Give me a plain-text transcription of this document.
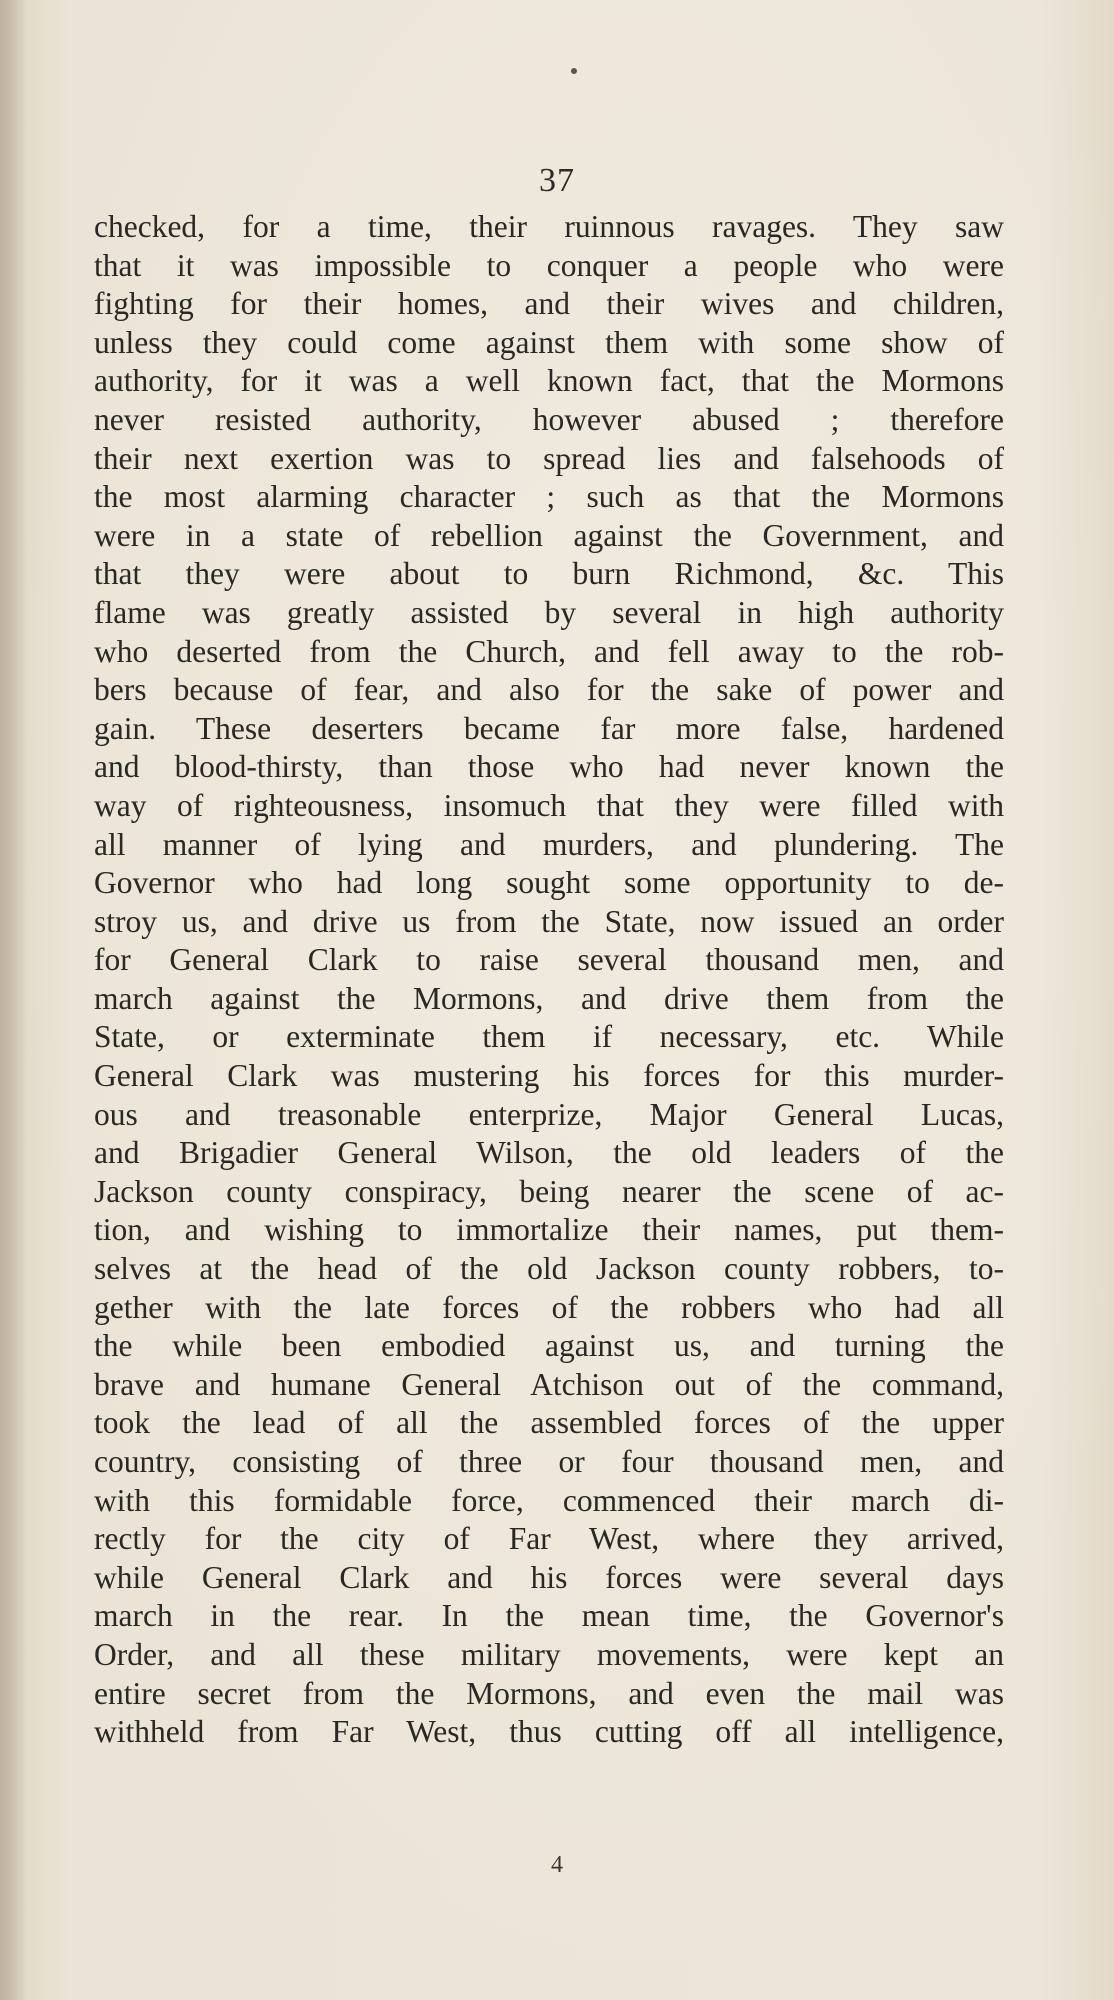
37
checked, for a time, their ruinnous ravages. They saw
that it was impossible to conquer a people who were
fighting for their homes, and their wives and children,
unless they could come against them with some show of
authority, for it was a well known fact, that the Mormons
never resisted authority, however abused ; therefore
their next exertion was to spread lies and falsehoods of
the most alarming character ; such as that the Mormons
were in a state of rebellion against the Government, and
that they were about to burn Richmond, &c. This
flame was greatly assisted by several in high authority
who deserted from the Church, and fell away to the rob-
bers because of fear, and also for the sake of power and
gain. These deserters became far more false, hardened
and blood-thirsty, than those who had never known the
way of righteousness, insomuch that they were filled with
all manner of lying and murders, and plundering. The
Governor who had long sought some opportunity to de-
stroy us, and drive us from the State, now issued an order
for General Clark to raise several thousand men, and
march against the Mormons, and drive them from the
State, or exterminate them if necessary, etc. While
General Clark was mustering his forces for this murder-
ous and treasonable enterprize, Major General Lucas,
and Brigadier General Wilson, the old leaders of the
Jackson county conspiracy, being nearer the scene of ac-
tion, and wishing to immortalize their names, put them-
selves at the head of the old Jackson county robbers, to-
gether with the late forces of the robbers who had all
the while been embodied against us, and turning the
brave and humane General Atchison out of the command,
took the lead of all the assembled forces of the upper
country, consisting of three or four thousand men, and
with this formidable force, commenced their march di-
rectly for the city of Far West, where they arrived,
while General Clark and his forces were several days
march in the rear. In the mean time, the Governor's
Order, and all these military movements, were kept an
entire secret from the Mormons, and even the mail was
withheld from Far West, thus cutting off all intelligence,
4
